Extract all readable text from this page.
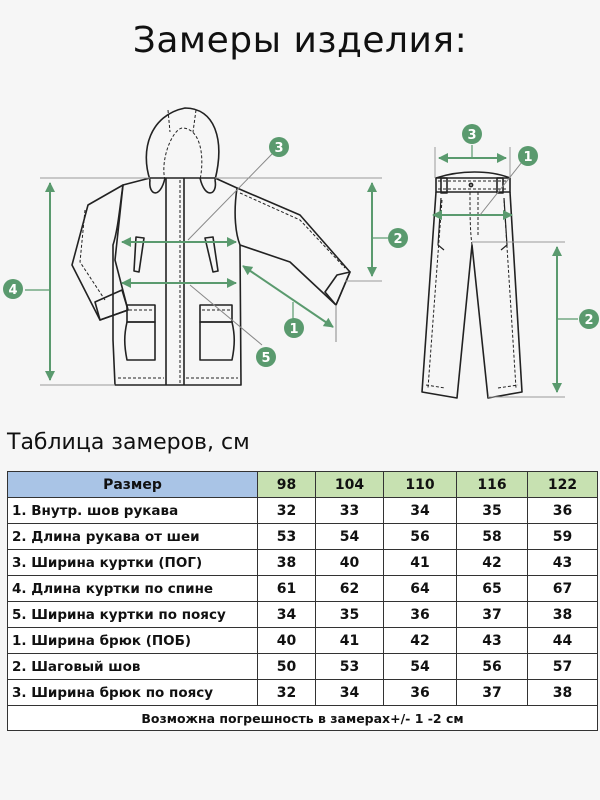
Замеры изделия:
4
3
2
1
5
3
1
2
Таблица замеров, см
Размер	98	104	110	116	122
1. Внутр. шов рукава	32	33	34	35	36
2. Длина рукава от шеи	53	54	56	58	59
3. Ширина куртки (ПОГ)	38	40	41	42	43
4. Длина куртки по спине	61	62	64	65	67
5. Ширина куртки по поясу	34	35	36	37	38
1. Ширина брюк (ПОБ)	40	41	42	43	44
2. Шаговый шов	50	53	54	56	57
3. Ширина брюк по поясу	32	34	36	37	38
Возможна погрешность в замерах+/- 1 -2 см					
